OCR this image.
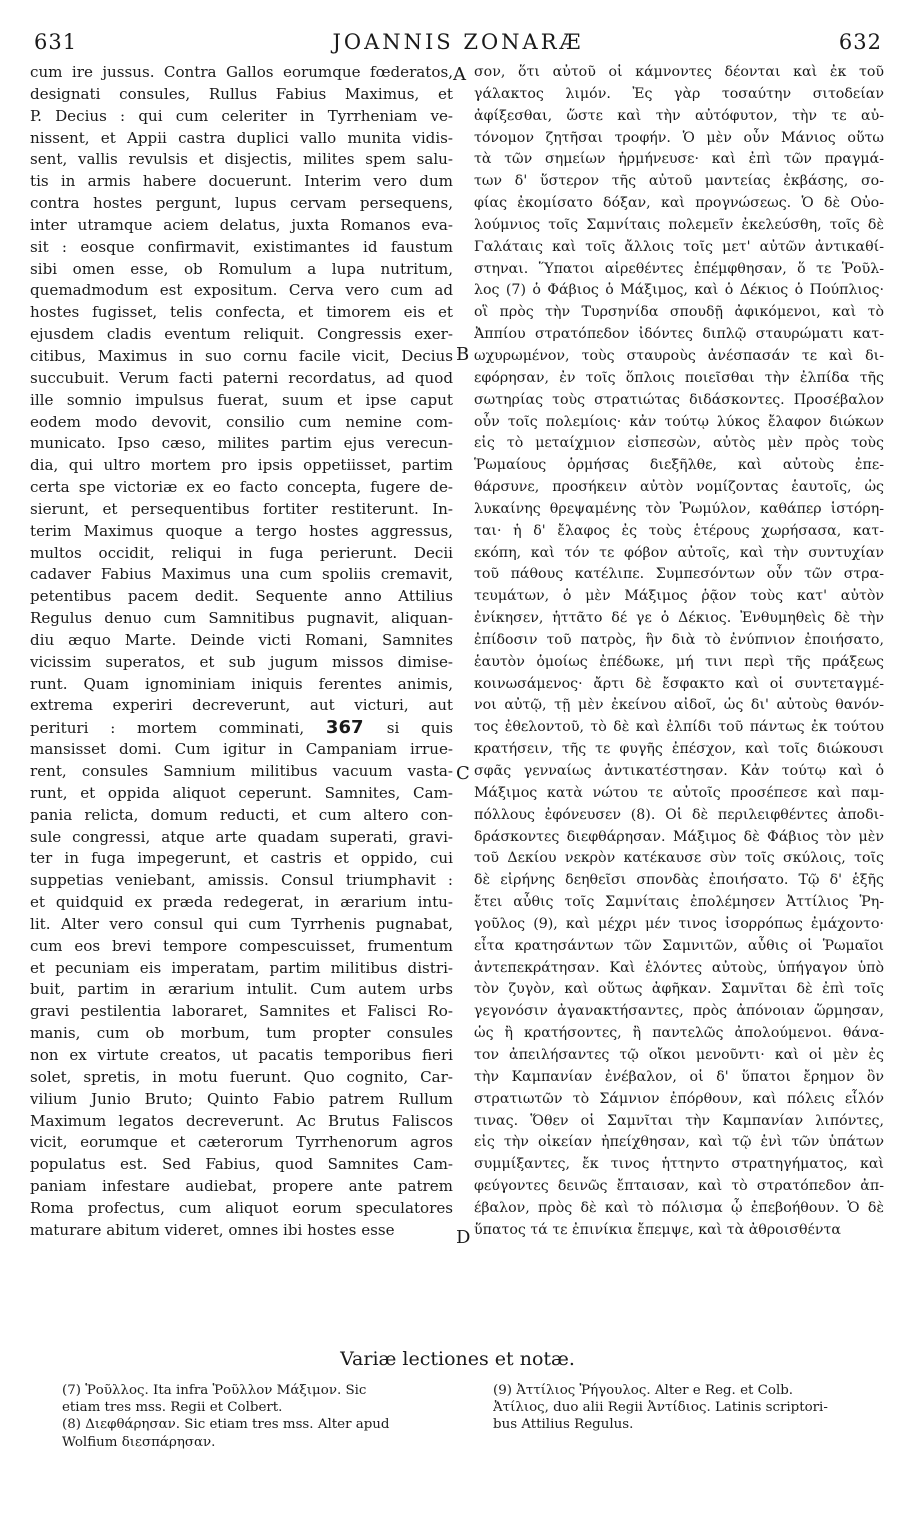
631	JOANNIS ZONARÆ	632
cum ire jussus. Contra Gallos eorumque fœderatos,
designati consules, Rullus Fabius Maximus, et
P. Decius : qui cum celeriter in Tyrrheniam ve-
nissent, et Appii castra duplici vallo munita vidis-
sent, vallis revulsis et disjectis, milites spem salu-
tis in armis habere docuerunt. Interim vero dum
contra hostes pergunt, lupus cervam persequens,
inter utramque aciem delatus, juxta Romanos eva-
sit : eosque confirmavit, existimantes id faustum
sibi omen esse, ob Romulum a lupa nutritum,
quemadmodum est expositum. Cerva vero cum ad
hostes fugisset, telis confecta, et timorem eis et
ejusdem cladis eventum reliquit. Congressis exer-
citibus, Maximus in suo cornu facile vicit, Decius
succubuit. Verum facti paterni recordatus, ad quod
ille somnio impulsus fuerat, suum et ipse caput
eodem modo devovit, consilio cum nemine com-
municato. Ipso cæso, milites partim ejus verecun-
dia, qui ultro mortem pro ipsis oppetiisset, partim
certa spe victoriæ ex eo facto concepta, fugere de-
sierunt, et persequentibus fortiter restiterunt. In-
terim Maximus quoque a tergo hostes aggressus,
multos occidit, reliqui in fuga perierunt. Decii
cadaver Fabius Maximus una cum spoliis cremavit,
petentibus pacem dedit. Sequente anno Attilius
Regulus denuo cum Samnitibus pugnavit, aliquan-
diu æquo Marte. Deinde victi Romani, Samnites
vicissim superatos, et sub jugum missos dimise-
runt. Quam ignominiam iniquis ferentes animis,
extrema experiri decreverunt, aut victuri, aut
perituri : mortem comminati, 367 si quis
mansisset domi. Cum igitur in Campaniam irrue-
rent, consules Samnium militibus vacuum vasta-
runt, et oppida aliquot ceperunt. Samnites, Cam-
pania relicta, domum reducti, et cum altero con-
sule congressi, atque arte quadam superati, gravi-
ter in fuga impegerunt, et castris et oppido, cui
suppetias veniebant, amissis. Consul triumphavit :
et quidquid ex præda redegerat, in ærarium intu-
lit. Alter vero consul qui cum Tyrrhenis pugnabat,
cum eos brevi tempore compescuisset, frumentum
et pecuniam eis imperatam, partim militibus distri-
buit, partim in ærarium intulit. Cum autem urbs
gravi pestilentia laboraret, Samnites et Falisci Ro-
manis, cum ob morbum, tum propter consules
non ex virtute creatos, ut pacatis temporibus fieri
solet, spretis, in motu fuerunt. Quo cognito, Car-
vilium Junio Bruto; Quinto Fabio patrem Rullum
Maximum legatos decreverunt. Ac Brutus Faliscos
vicit, eorumque et cæterorum Tyrrhenorum agros
populatus est. Sed Fabius, quod Samnites Cam-
paniam infestare audiebat, propere ante patrem
Roma profectus, cum aliquot eorum speculatores
maturare abitum videret, omnes ibi hostes esse
σον, ὅτι αὐτοῦ οἱ κάμνοντες δέονται καὶ ἐκ τοῦ
γάλακτος λιμόν. Ἐς γὰρ τοσαύτην σιτοδείαν
ἀφίξεσθαι, ὥστε καὶ τὴν αὐτόφυτον, τὴν τε αὐ-
τόνομον ζητῆσαι τροφήν. Ὁ μὲν οὖν Μάνιος οὕτω
τὰ τῶν σημείων ἡρμήνευσε· καὶ ἐπὶ τῶν πραγμά-
των δ' ὕστερον τῆς αὐτοῦ μαντείας ἐκβάσης, σο-
φίας ἐκομίσατο δόξαν, καὶ προγνώσεως. Ὁ δὲ Οὐο-
λούμνιος τοῖς Σαμνίταις πολεμεῖν ἐκελεύσθη, τοῖς δὲ
Γαλάταις καὶ τοῖς ἄλλοις τοῖς μετ' αὐτῶν ἀντικαθί-
στηναι. Ὕπατοι αἱρεθέντες ἐπέμφθησαν, ὅ τε Ῥοῦλ-
λος (7) ὁ Φάβιος ὁ Μάξιμος, καὶ ὁ Δέκιος ὁ Πούπλιος·
οἳ πρὸς τὴν Τυρσηνίδα σπουδῇ ἀφικόμενοι, καὶ τὸ
Ἀππίου στρατόπεδον ἰδόντες διπλῷ σταυρώματι κατ-
ωχυρωμένον, τοὺς σταυροὺς ἀνέσπασάν τε καὶ δι-
εφόρησαν, ἐν τοῖς ὅπλοις ποιεῖσθαι τὴν ἐλπίδα τῆς
σωτηρίας τοὺς στρατιώτας διδάσκοντες. Προσέβαλον
οὖν τοῖς πολεμίοις· κἀν τούτῳ λύκος ἔλαφον διώκων
εἰς τὸ μεταίχμιον εἰσπεσὼν, αὐτὸς μὲν πρὸς τοὺς
Ῥωμαίους ὁρμήσας διεξῆλθε, καὶ αὐτοὺς ἐπε-
θάρσυνε, προσήκειν αὐτὸν νομίζοντας ἑαυτοῖς, ὡς
λυκαίνης θρεψαμένης τὸν Ῥωμύλον, καθάπερ ἱστόρη-
ται· ἡ δ' ἔλαφος ἐς τοὺς ἑτέρους χωρήσασα, κατ-
εκόπη, καὶ τόν τε φόβον αὐτοῖς, καὶ τὴν συντυχίαν
τοῦ πάθους κατέλιπε. Συμπεσόντων οὖν τῶν στρα-
τευμάτων, ὁ μὲν Μάξιμος ῥᾷον τοὺς κατ' αὐτὸν
ἐνίκησεν, ἡττᾶτο δέ γε ὁ Δέκιος. Ἐνθυμηθεὶς δὲ τὴν
ἐπίδοσιν τοῦ πατρὸς, ἣν διὰ τὸ ἐνύπνιον ἐποιήσατο,
ἑαυτὸν ὁμοίως ἐπέδωκε, μή τινι περὶ τῆς πράξεως
κοινωσάμενος· ἄρτι δὲ ἔσφακτο καὶ οἱ συντεταγμέ-
νοι αὐτῷ, τῇ μὲν ἐκείνου αἰδοῖ, ὡς δι' αὐτοὺς θανόν-
τος ἐθελοντοῦ, τὸ δὲ καὶ ἐλπίδι τοῦ πάντως ἐκ τούτου
κρατήσειν, τῆς τε φυγῆς ἐπέσχον, καὶ τοῖς διώκουσι
σφᾶς γενναίως ἀντικατέστησαν. Κἀν τούτῳ καὶ ὁ
Μάξιμος κατὰ νώτου τε αὐτοῖς προσέπεσε καὶ παμ-
πόλλους ἐφόνευσεν (8). Οἱ δὲ περιλειφθέντες ἀποδι-
δράσκοντες διεφθάρησαν. Μάξιμος δὲ Φάβιος τὸν μὲν
τοῦ Δεκίου νεκρὸν κατέκαυσε σὺν τοῖς σκύλοις, τοῖς
δὲ εἰρήνης δεηθεῖσι σπονδὰς ἐποιήσατο. Τῷ δ' ἑξῆς
ἔτει αὖθις τοῖς Σαμνίταις ἐπολέμησεν Ἀττίλιος Ῥη-
γοῦλος (9), καὶ μέχρι μέν τινος ἰσορρόπως ἐμάχοντο·
εἶτα κρατησάντων τῶν Σαμνιτῶν, αὖθις οἱ Ῥωμαῖοι
ἀντεπεκράτησαν. Καὶ ἑλόντες αὐτοὺς, ὑπήγαγον ὑπὸ
τὸν ζυγὸν, καὶ οὕτως ἀφῆκαν. Σαμνῖται δὲ ἐπὶ τοῖς
γεγονόσιν ἀγανακτήσαντες, πρὸς ἀπόνοιαν ὥρμησαν,
ὡς ἢ κρατήσοντες, ἢ παντελῶς ἀπολούμενοι. θάνα-
τον ἀπειλήσαντες τῷ οἴκοι μενοῦντι· καὶ οἱ μὲν ἐς
τὴν Καμπανίαν ἐνέβαλον, οἱ δ' ὕπατοι ἔρημον ὂν
στρατιωτῶν τὸ Σάμνιον ἐπόρθουν, καὶ πόλεις εἷλόν
τινας. Ὅθεν οἱ Σαμνῖται τὴν Καμπανίαν λιπόντες,
εἰς τὴν οἰκείαν ἠπείχθησαν, καὶ τῷ ἑνὶ τῶν ὑπάτων
συμμίξαντες, ἔκ τινος ἡττηντο στρατηγήματος, καὶ
φεύγοντες δεινῶς ἔπταισαν, καὶ τὸ στρατόπεδον ἀπ-
έβαλον, πρὸς δὲ καὶ τὸ πόλισμα ᾧ ἐπεβοήθουν. Ὁ δὲ
ὕπατος τά τε ἐπινίκια ἔπεμψε, καὶ τὰ ἀθροισθέντα
A
B
C
D
Variæ lectiones et notæ.
(7) Ῥοῦλλος. Ita infra Ῥοῦλλον Μάξιμον. Sic
etiam tres mss. Regii et Colbert.
(8) Διεφθάρησαν. Sic etiam tres mss. Alter apud
Wolfium διεσπάρησαν.
(9) Ἀττίλιος Ῥήγουλος. Alter e Reg. et Colb.
Ἀτίλιος, duo alii Regii Ἀντίδιος. Latinis scriptori-
bus Attilius Regulus.
